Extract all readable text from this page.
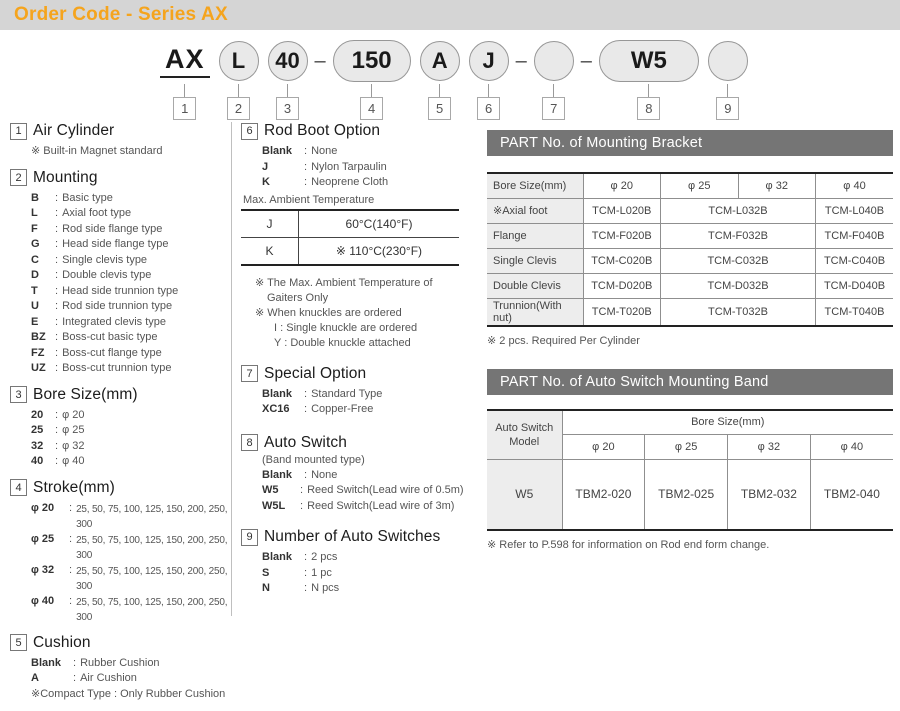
Order Code - Series AX
AX
1
L
2
40
3
–	150
4
A
5
J
6
–
7
–	W5
8	9
1 Air Cylinder
※ Built-in Magnet standard
2 Mounting
B	: Basic type
L	: Axial foot type
F	: Rod side flange type
G	: Head side flange type
C	: Single clevis type
D	: Double clevis type
T	: Head side trunnion type
U	: Rod side trunnion type
E	: Integrated clevis type
BZ : Boss-cut basic type
FZ : Boss-cut flange type
UZ : Boss-cut trunnion type
3 Bore Size(mm)
20	: φ 20
25	: φ 25
32	: φ 32
40	: φ 40
4 Stroke(mm)
φ 20	: 25, 50, 75, 100, 125, 150, 200, 250, 300
φ 25	: 25, 50, 75, 100, 125, 150, 200, 250, 300
φ 32	: 25, 50, 75, 100, 125, 150, 200, 250, 300
φ 40	: 25, 50, 75, 100, 125, 150, 200, 250, 300
5 Cushion
Blank	: Rubber Cushion
A	: Air Cushion
※Compact Type : Only Rubber Cushion
6 Rod Boot Option
Blank	: None
J	: Nylon Tarpaulin
K	: Neoprene Cloth
Max. Ambient Temperature
J	60°C(140°F)
K	※ 110°C(230°F)
※ The Max. Ambient Temperature of Gaiters Only
※ When knuckles are ordered
I : Single knuckle are ordered
Y : Double knuckle attached
7 Special Option
Blank	: Standard Type
XC16	: Copper-Free
8 Auto Switch
(Band mounted type)
Blank	: None
W5	: Reed Switch(Lead wire of 0.5m)
W5L	: Reed Switch(Lead wire of 3m)
9 Number of Auto Switches
Blank	: 2 pcs
S	: 1 pc
N	: N pcs
PART No. of Mounting Bracket
Bore Size(mm)	φ 20	φ 25	φ 32	φ 40
※Axial foot	TCM-L020B	TCM-L032B		TCM-L040B
Flange	TCM-F020B	TCM-F032B		TCM-F040B
Single Clevis	TCM-C020B	TCM-C032B		TCM-C040B
Double Clevis	TCM-D020B	TCM-D032B		TCM-D040B
Trunnion(With nut)	TCM-T020B	TCM-T032B		TCM-T040B
※ 2 pcs. Required Per Cylinder
PART No. of Auto Switch Mounting Band
Auto Switch
Model	Bore Size(mm)			
	φ 20	φ 25	φ 32	φ 40
W5	TBM2-020	TBM2-025	TBM2-032	TBM2-040
※ Refer to P.598 for information on Rod end form change.
